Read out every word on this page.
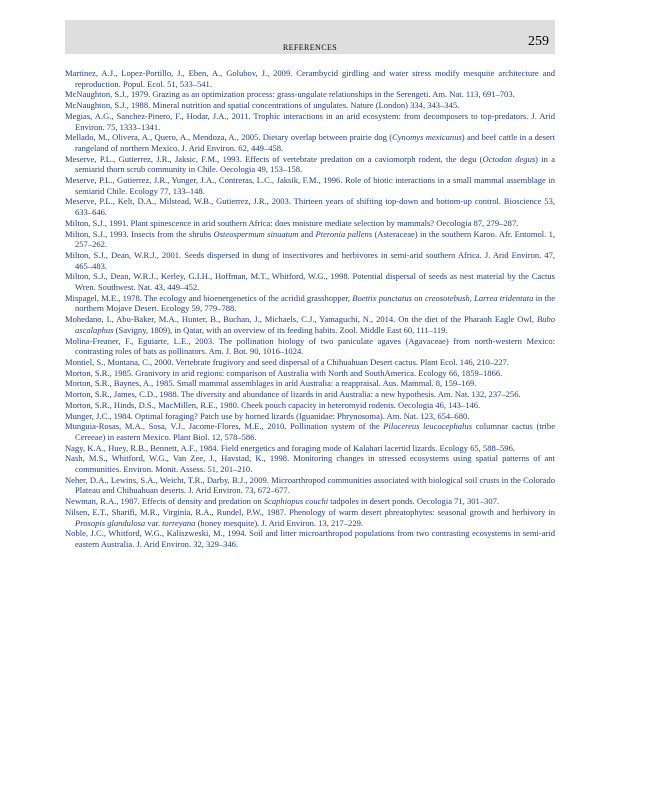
REFERENCES	259

Martinez, A.J., Lopez-Portillo, J., Eben, A., Golubov, J., 2009. Cerambycid girdling and water stress modify mesquite architecture and reproduction. Popul. Ecol. 51, 533–541.

McNaughton, S.J., 1979. Grazing as an optimization process: grass-ungulate relationships in the Serengeti. Am. Nat. 113, 691–703.

McNaughton, S.J., 1988. Mineral nutrition and spatial concentrations of ungulates. Nature (London) 334, 343–345.

Megias, A.G., Sanchez-Pinero, F., Hodar, J.A., 2011. Trophic interactions in an arid ecosystem: from decomposers to top-predators. J. Arid Environ. 75, 1333–1341.

Mellado, M., Olivera, A., Quero, A., Mendoza, A., 2005. Dietary overlap between prairie dog (Cynomys mexicanus) and beef cattle in a desert rangeland of northern Mexico. J. Arid Environ. 62, 449–458.

Meserve, P.L., Gutierrez, J.R., Jaksic, F.M., 1993. Effects of vertebrate predation on a caviomorph rodent, the degu (Octodon degus) in a semiarid thorn scrub community in Chile. Oecologia 49, 153–158.

Meserve, P.L., Gutierrez, J.R., Yunger, J.A., Contreras, L.C., Jaksik, F.M., 1996. Role of biotic interactions in a small mammal assemblage in semiarid Chile. Ecology 77, 133–148.

Meserve, P.L., Kelt, D.A., Milstead, W.B., Gutierrez, J.R., 2003. Thirteen years of shifting top-down and bottom-up control. Bioscience 53, 633–646.

Milton, S.J., 1991. Plant spinescence in arid southern Africa: does moisture mediate selection by mammals? Oecologia 87, 279–287.

Milton, S.J., 1993. Insects from the shrubs Osteospermum sinuatum and Pteronia pallens (Asteraceae) in the southern Karoo. Afr. Entomol. 1, 257–262.

Milton, S.J., Dean, W.R.J., 2001. Seeds dispersed in dung of insectivores and herbivores in semi-arid southern Africa. J. Arid Environ. 47, 465–483.

Milton, S.J., Dean, W.R.J., Kerley, G.I.H., Hoffman, M.T., Whitford, W.G., 1998. Potential dispersal of seeds as nest material by the Cactus Wren. Southwest. Nat. 43, 449–452.

Mispagel, M.E., 1978. The ecology and bioenergenetics of the acridid grasshopper, Boettix punctatus on creosotebush, Larrea tridentata in the northern Mojave Desert. Ecology 59, 779–788.

Mohedano, I., Abu-Baker, M.A., Hunter, B., Buchan, J., Michaels, C.J., Yamaguchi, N., 2014. On the diet of the Pharaoh Eagle Owl, Bubo ascalaphus (Savigny, 1809), in Qatar, with an overview of its feeding habits. Zool. Middle East 60, 111–119.

Molina-Freaner, F., Eguiarte, L.E., 2003. The pollination biology of two paniculate agaves (Agavaceae) from north-western Mexico: contrasting roles of bats as pollinators. Am. J. Bot. 90, 1016–1024.

Montiel, S., Montana, C., 2000. Vertebrate frugivory and seed dispersal of a Chihuahuan Desert cactus. Plant Ecol. 146, 210–227.

Morton, S.R., 1985. Granivory in arid regions: comparison of Australia with North and SouthAmerica. Ecology 66, 1859–1866.

Morton, S.R., Baynes, A., 1985. Small mammal assemblages in arid Australia: a reappraisal. Aus. Mammal. 8, 159–169.

Morton, S.R., James, C.D., 1988. The diversity and abundance of lizards in arid Australia: a new hypothesis. Am. Nat. 132, 237–256.

Morton, S.R., Hinds, D.S., MacMillen, R.E., 1980. Cheek pouch capacity in heteromyid rodents. Oecologia 46, 143–146.

Munger, J.C., 1984. Optimal foraging? Patch use by horned lizards (Iguanidae: Phrynosoma). Am. Nat. 123, 654–680.

Munguia-Rosas, M.A., Sosa, V.J., Jacome-Flores, M.E., 2010. Pollination system of the Pilocereus leucocephalus columnar cactus (tribe Cereeae) in eastern Mexico. Plant Biol. 12, 578–586.

Nagy, K.A., Huey, R.B., Bennett, A.F., 1984. Field energetics and foraging mode of Kalahari lacertid lizards. Ecology 65, 588–596.

Nash, M.S., Whitford, W.G., Van Zee, J., Havstad, K., 1998. Monitoring changes in stressed ecosystems using spatial patterns of ant communities. Environ. Monit. Assess. 51, 201–210.

Neher, D.A., Lewins, S.A., Weicht, T.R., Darby, B.J., 2009. Microarthropod communities associated with biological soil crusts in the Colorado Plateau and Chihuahuan deserts. J. Arid Environ. 73, 672–677.

Newman, R.A., 1987. Effects of density and predation on Scaphiopus couchi tadpoles in desert ponds. Oecologia 71, 301–307.

Nilsen, E.T., Sharifi, M.R., Virginia, R.A., Rundel, P.W., 1987. Phenology of warm desert phreatophytes: seasonal growth and herbivory in Prosopis glandulosa var. torreyana (honey mesquite). J. Arid Environ. 13, 217–229.

Noble, J.C., Whitford, W.G., Kaliszweski, M., 1994. Soil and litter microarthropod populations from two contrasting ecosystems in semi-arid eastern Australia. J. Arid Environ. 32, 329–346.
